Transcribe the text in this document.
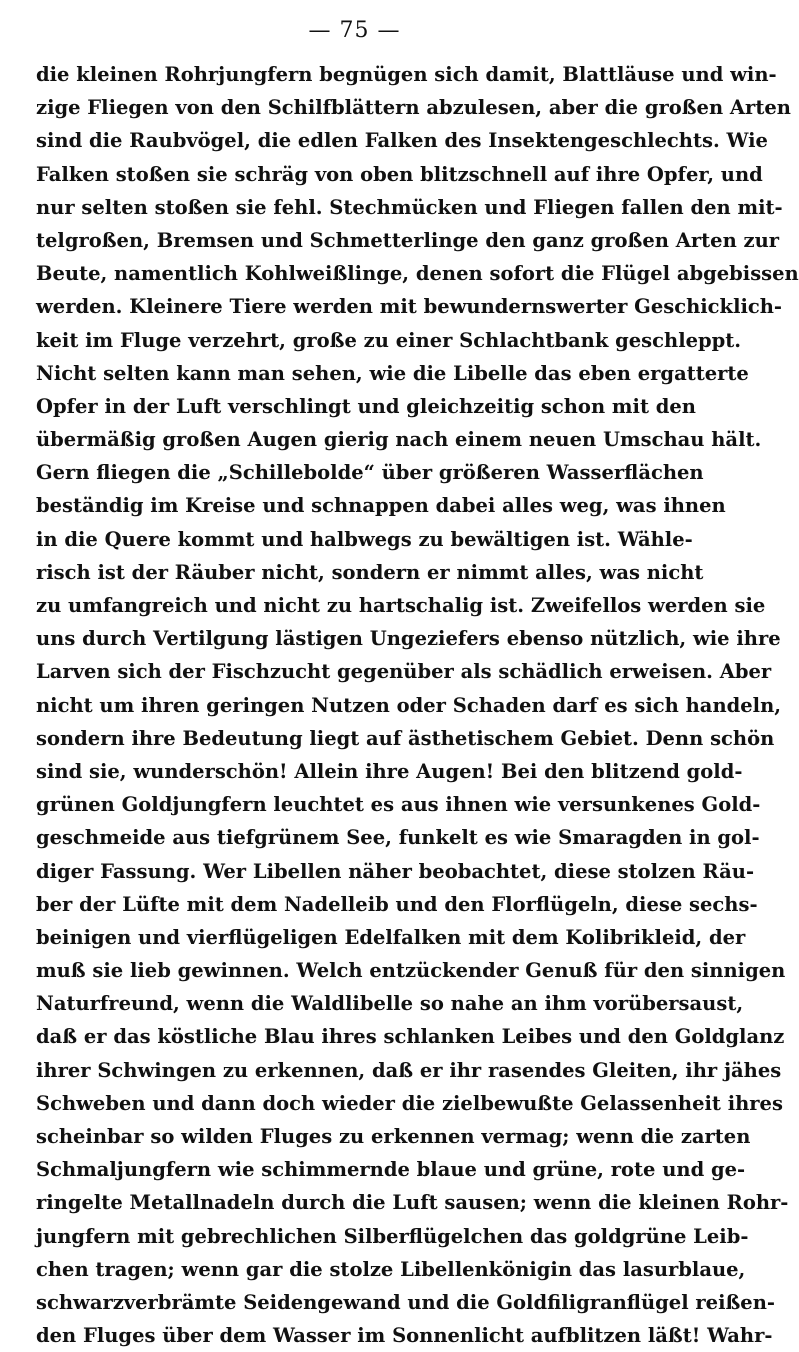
— 75 —
die kleinen Rohrjungfern begnügen sich damit, Blattläuse und win-
zige Fliegen von den Schilfblättern abzulesen, aber die großen Arten
sind die Raubvögel, die edlen Falken des Insektengeschlechts. Wie
Falken stoßen sie schräg von oben blitzschnell auf ihre Opfer, und
nur selten stoßen sie fehl. Stechmücken und Fliegen fallen den mit-
telgroßen, Bremsen und Schmetterlinge den ganz großen Arten zur
Beute, namentlich Kohlweißlinge, denen sofort die Flügel abgebissen
werden. Kleinere Tiere werden mit bewundernswerter Geschicklich-
keit im Fluge verzehrt, große zu einer Schlachtbank geschleppt.
Nicht selten kann man sehen, wie die Libelle das eben ergatterte
Opfer in der Luft verschlingt und gleichzeitig schon mit den
übermäßig großen Augen gierig nach einem neuen Umschau hält.
Gern fliegen die „Schillebolde“ über größeren Wasserflächen
beständig im Kreise und schnappen dabei alles weg, was ihnen
in die Quere kommt und halbwegs zu bewältigen ist. Wähle-
risch ist der Räuber nicht, sondern er nimmt alles, was nicht
zu umfangreich und nicht zu hartschalig ist. Zweifellos werden sie
uns durch Vertilgung lästigen Ungeziefers ebenso nützlich, wie ihre
Larven sich der Fischzucht gegenüber als schädlich erweisen. Aber
nicht um ihren geringen Nutzen oder Schaden darf es sich handeln,
sondern ihre Bedeutung liegt auf ästhetischem Gebiet. Denn schön
sind sie, wunderschön! Allein ihre Augen! Bei den blitzend gold-
grünen Goldjungfern leuchtet es aus ihnen wie versunkenes Gold-
geschmeide aus tiefgrünem See, funkelt es wie Smaragden in gol-
diger Fassung. Wer Libellen näher beobachtet, diese stolzen Räu-
ber der Lüfte mit dem Nadelleib und den Florflügeln, diese sechs-
beinigen und vierflügeligen Edelfalken mit dem Kolibrikleid, der
muß sie lieb gewinnen. Welch entzückender Genuß für den sinnigen
Naturfreund, wenn die Waldlibelle so nahe an ihm vorübersaust,
daß er das köstliche Blau ihres schlanken Leibes und den Goldglanz
ihrer Schwingen zu erkennen, daß er ihr rasendes Gleiten, ihr jähes
Schweben und dann doch wieder die zielbewußte Gelassenheit ihres
scheinbar so wilden Fluges zu erkennen vermag; wenn die zarten
Schmaljungfern wie schimmernde blaue und grüne, rote und ge-
ringelte Metallnadeln durch die Luft sausen; wenn die kleinen Rohr-
jungfern mit gebrechlichen Silberflügelchen das goldgrüne Leib-
chen tragen; wenn gar die stolze Libellenkönigin das lasurblaue,
schwarzverbrämte Seidengewand und die Goldfiligranflügel reißen-
den Fluges über dem Wasser im Sonnenlicht aufblitzen läßt! Wahr-
